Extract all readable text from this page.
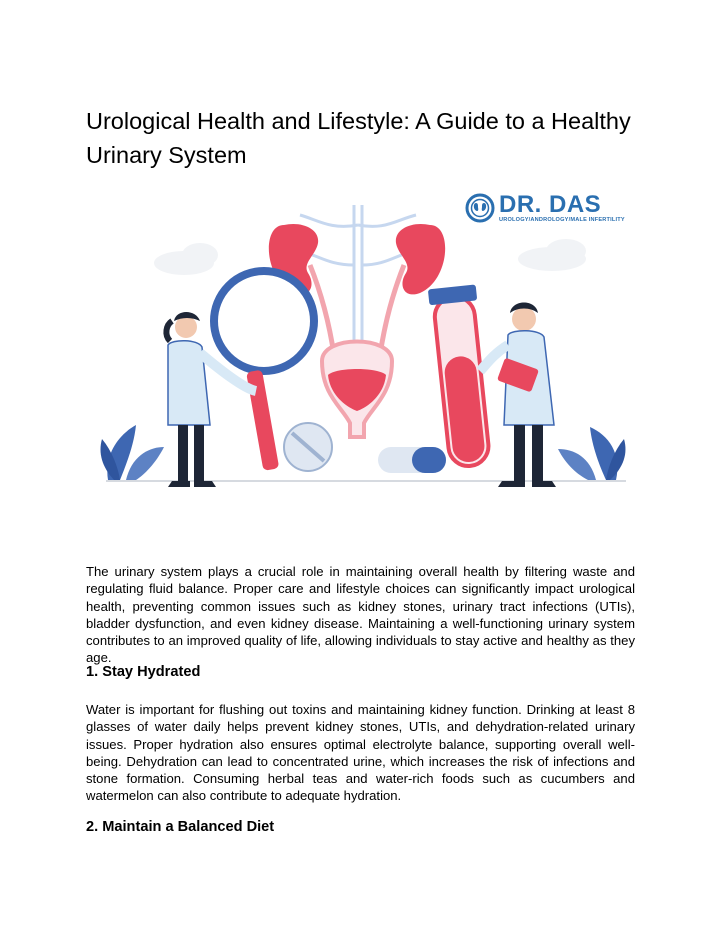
Urological Health and Lifestyle: A Guide to a Healthy Urinary System
DR. DAS
UROLOGY/ANDROLOGY/MALE INFERTILITY

The urinary system plays a crucial role in maintaining overall health by filtering waste and regulating fluid balance. Proper care and lifestyle choices can significantly impact urological health, preventing common issues such as kidney stones, urinary tract infections (UTIs), bladder dysfunction, and even kidney disease. Maintaining a well-functioning urinary system contributes to an improved quality of life, allowing individuals to stay active and healthy as they age.

1. Stay Hydrated

Water is important for flushing out toxins and maintaining kidney function. Drinking at least 8 glasses of water daily helps prevent kidney stones, UTIs, and dehydration-related urinary issues. Proper hydration also ensures optimal electrolyte balance, supporting overall well-being. Dehydration can lead to concentrated urine, which increases the risk of infections and stone formation. Consuming herbal teas and water-rich foods such as cucumbers and watermelon can also contribute to adequate hydration.

2. Maintain a Balanced Diet
